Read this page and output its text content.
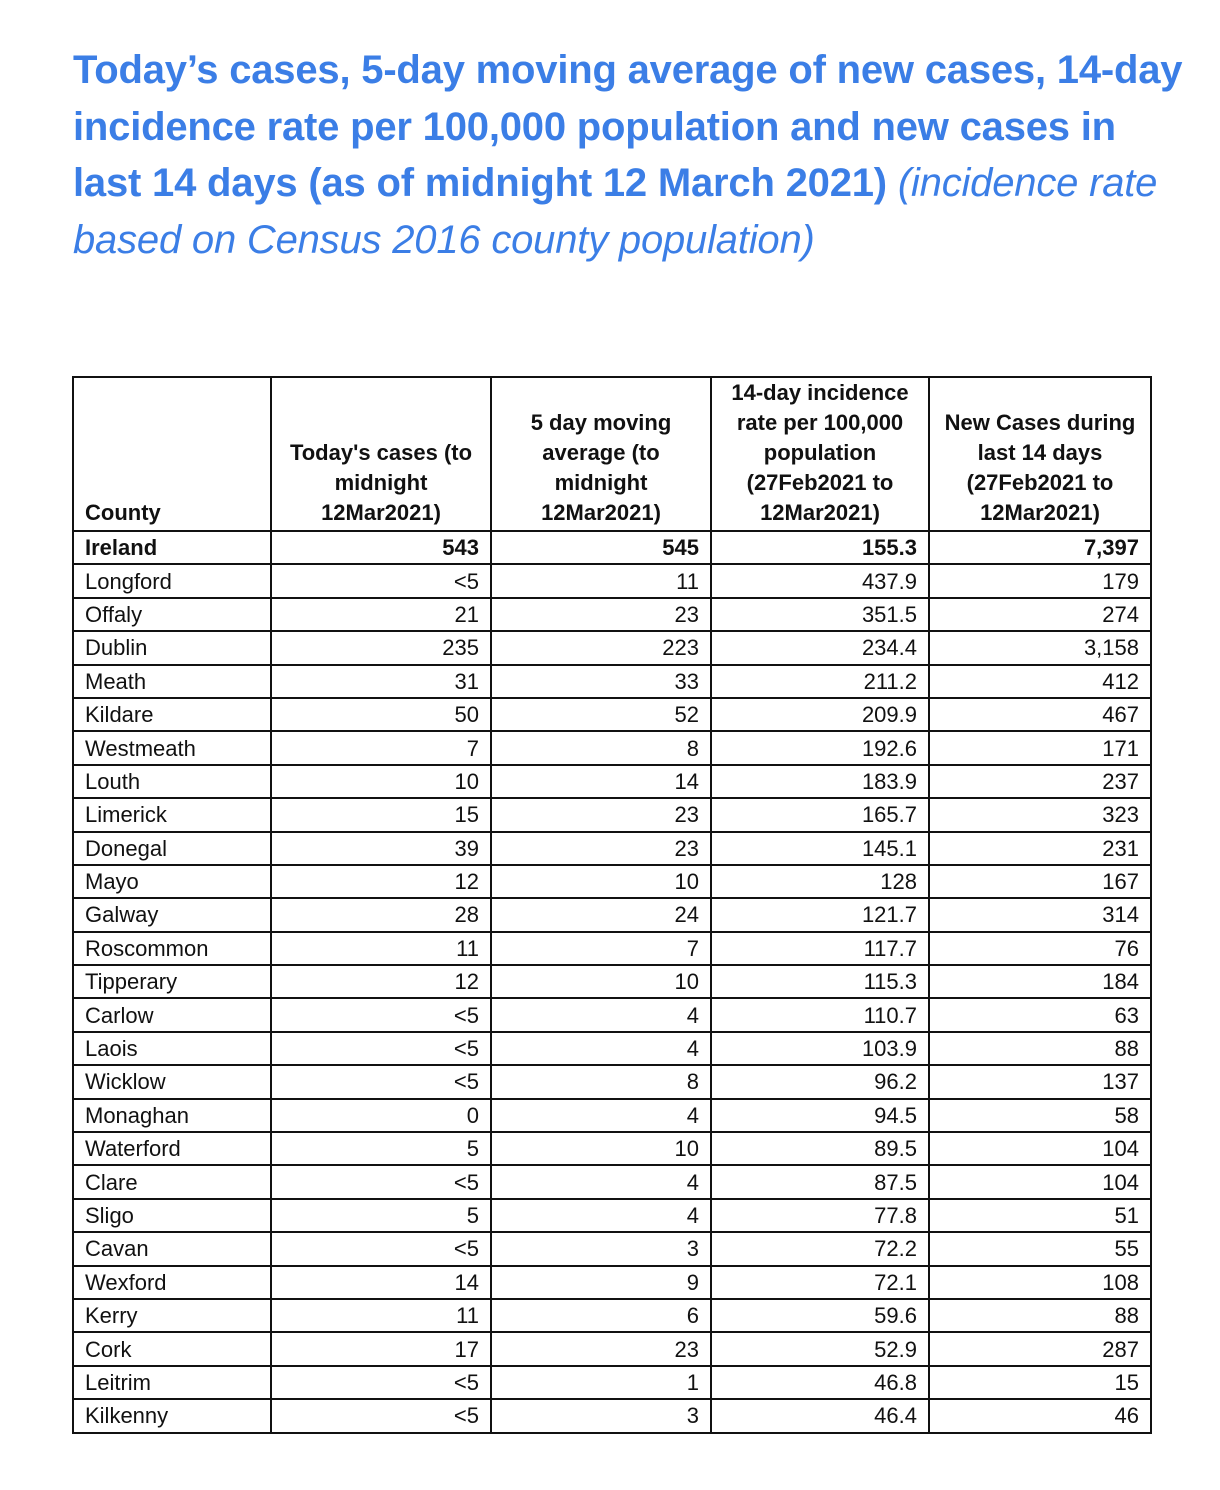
Today’s cases, 5-day moving average of new cases, 14-day incidence rate per 100,000 population and new cases in last 14 days (as of midnight 12 March 2021) (incidence rate based on Census 2016 county population)
County	Today's cases (to midnight 12Mar2021)	5 day moving average (to midnight 12Mar2021)	14-day incidence rate per 100,000 population (27Feb2021 to 12Mar2021)	New Cases during last 14 days (27Feb2021 to 12Mar2021)
Ireland	543	545	155.3	7,397
Longford	<5	11	437.9	179
Offaly	21	23	351.5	274
Dublin	235	223	234.4	3,158
Meath	31	33	211.2	412
Kildare	50	52	209.9	467
Westmeath	7	8	192.6	171
Louth	10	14	183.9	237
Limerick	15	23	165.7	323
Donegal	39	23	145.1	231
Mayo	12	10	128	167
Galway	28	24	121.7	314
Roscommon	11	7	117.7	76
Tipperary	12	10	115.3	184
Carlow	<5	4	110.7	63
Laois	<5	4	103.9	88
Wicklow	<5	8	96.2	137
Monaghan	0	4	94.5	58
Waterford	5	10	89.5	104
Clare	<5	4	87.5	104
Sligo	5	4	77.8	51
Cavan	<5	3	72.2	55
Wexford	14	9	72.1	108
Kerry	11	6	59.6	88
Cork	17	23	52.9	287
Leitrim	<5	1	46.8	15
Kilkenny	<5	3	46.4	46
